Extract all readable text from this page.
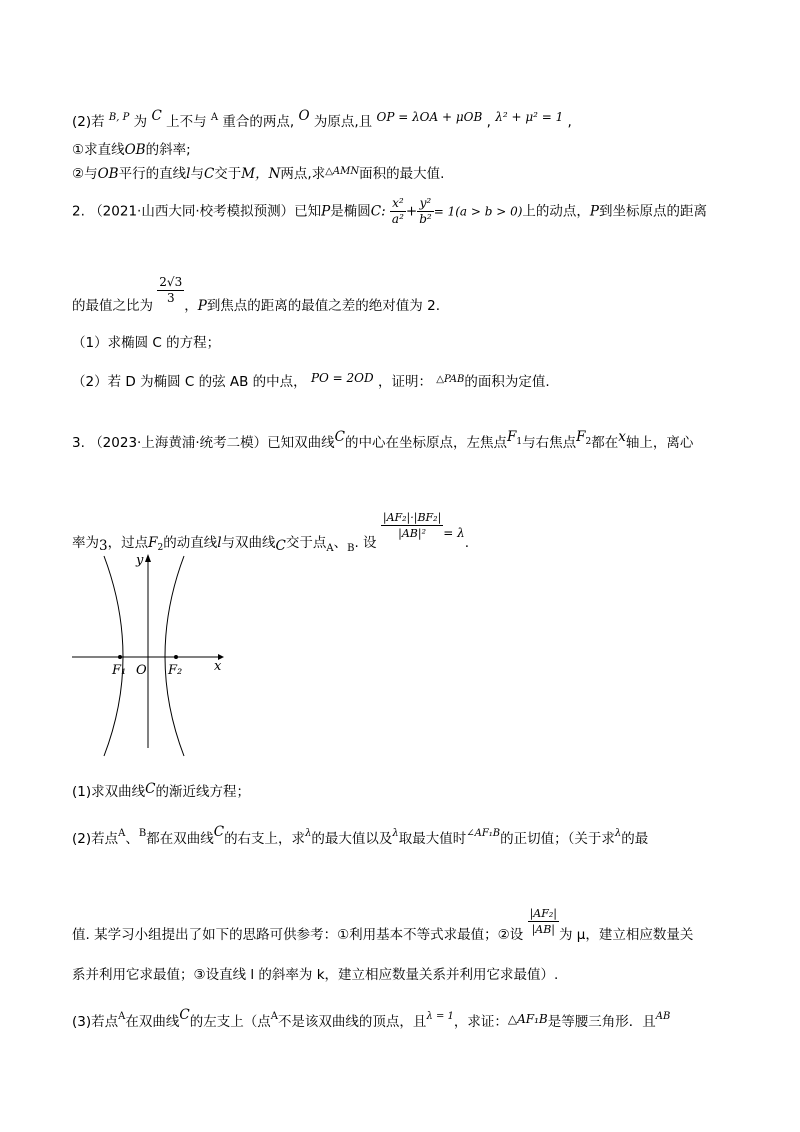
(2)若 $^{B, P}$ 为 C 上不与 $^A$ 重合的两点, O 为原点,且 OP = λOA + μOB , λ² + μ² = 1 ,
①求直线OB的斜率;
②与OB平行的直线l与C交于M，N两点,求$^{\triangle AMN}$面积的最大值.
2. （2021·山西大同·校考模拟预测）已知P是椭圆C: $\frac{\text{x²}}{\text{a²}} + \frac{\text{y²}}{\text{b²}} = 1(a > b > 0)$上的动点，P到坐标原点的距离
的最值之比为 $\frac{2√3}{3}$ ，P到焦点的距离的最值之差的绝对值为 2.
（1）求椭圆 C 的方程；
（2）若 D 为椭圆 C 的弦 AB 的中点， PO = 2OD ，证明： $^{\triangle PAB}$的面积为定值.
3. （2023·上海黄浦·统考二模）已知双曲线C的中心在坐标原点，左焦点$F_1$与右焦点$F_2$都在x轴上，离心
率为3，过点$F_2$的动直线l与双曲线C交于点$_A$、$_B$. 设
$\frac{\text{|AF₂|·|BF₂|}}{\text{|AB|²}} = \lambda$.
y
x
O
F₁	F₂
(1)求双曲线C的渐近线方程；
(2)若点$^A$、$^B$都在双曲线C的右支上，求$^\lambda$的最大值以及$^\lambda$取最大值时$^{\angle AF_1B}$的正切值；（关于求$^\lambda$的最
值. 某学习小组提出了如下的思路可供参考：①利用基本不等式求最值；②设 $\frac{\text{|AF₂|}}{|AB|}$ 为 μ，建立相应数量关
系并利用它求最值；③设直线 l 的斜率为 k，建立相应数量关系并利用它求最值）.
(3)若点$^A$在双曲线C的左支上（点$^A$不是该双曲线的顶点，且$^{\lambda = 1}$，求证：△AF₁B是等腰三角形．且$^{AB}$
